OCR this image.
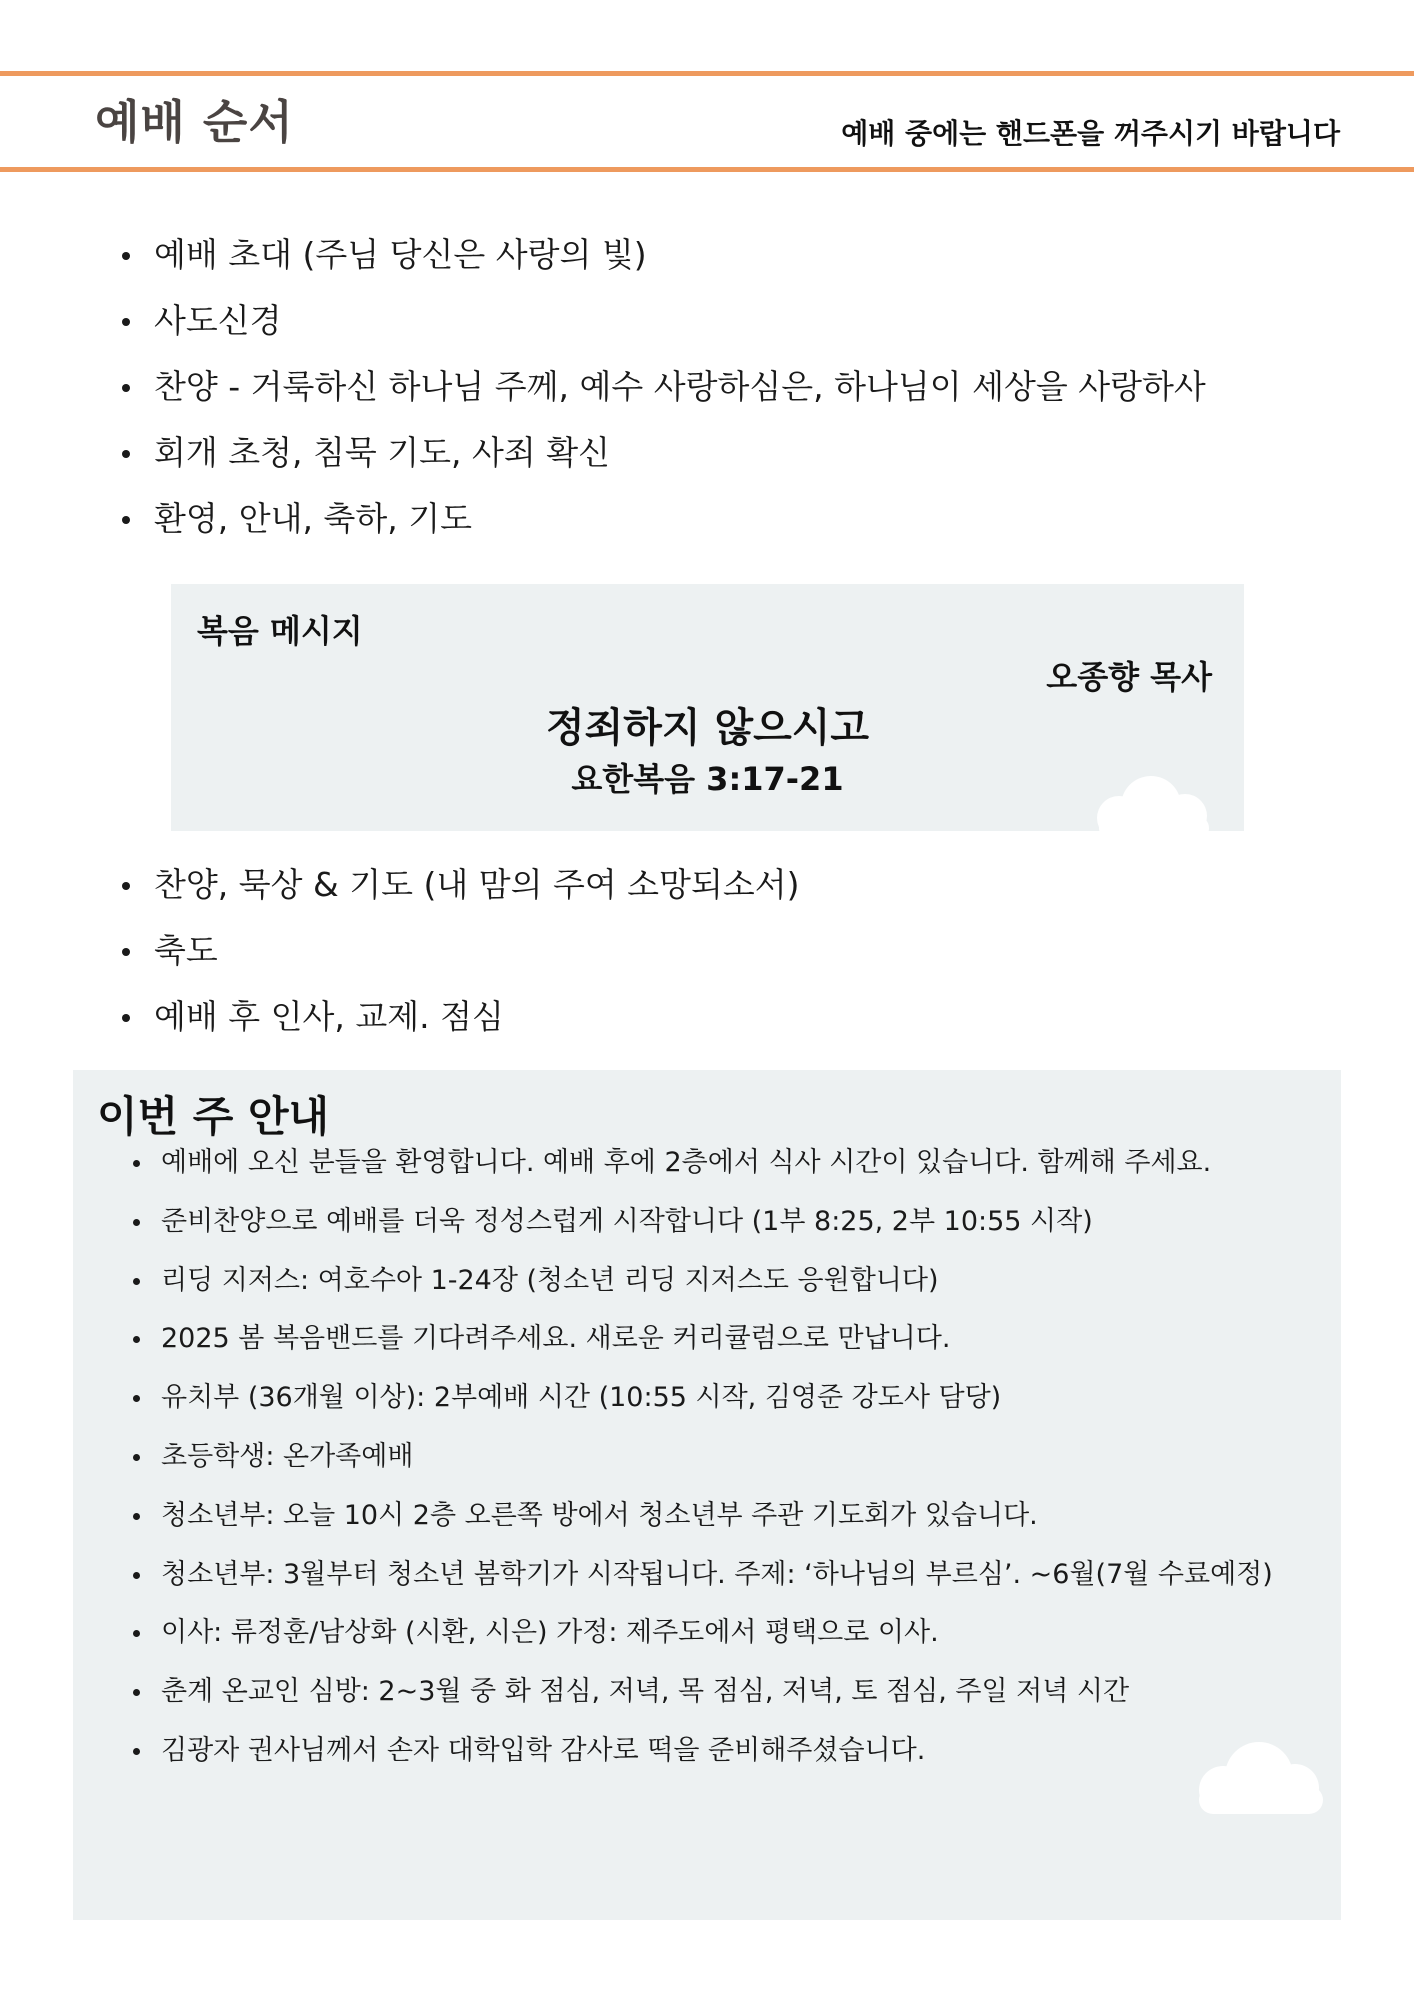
예배 순서	예배 중에는 핸드폰을 꺼주시기 바랍니다
예배 초대 (주님 당신은 사랑의 빛)
사도신경
찬양 - 거룩하신 하나님 주께, 예수 사랑하심은, 하나님이 세상을 사랑하사
회개 초청, 침묵 기도, 사죄 확신
환영, 안내, 축하, 기도
복음 메시지
오종향 목사
정죄하지 않으시고
요한복음 3:17-21
찬양, 묵상 & 기도 (내 맘의 주여 소망되소서)
축도
예배 후 인사, 교제. 점심
이번 주 안내
예배에 오신 분들을 환영합니다. 예배 후에 2층에서 식사 시간이 있습니다. 함께해 주세요.
준비찬양으로 예배를 더욱 정성스럽게 시작합니다 (1부 8:25, 2부 10:55 시작)
리딩 지저스: 여호수아 1-24장 (청소년 리딩 지저스도 응원합니다)
2025 봄 복음밴드를 기다려주세요. 새로운 커리큘럼으로 만납니다.
유치부 (36개월 이상): 2부예배 시간 (10:55 시작, 김영준 강도사 담당)
초등학생: 온가족예배
청소년부: 오늘 10시 2층 오른쪽 방에서 청소년부 주관 기도회가 있습니다.
청소년부: 3월부터 청소년 봄학기가 시작됩니다. 주제: ‘하나님의 부르심’. ~6월(7월 수료예정)
이사: 류정훈/남상화 (시환, 시은) 가정: 제주도에서 평택으로 이사.
춘계 온교인 심방: 2~3월 중 화 점심, 저녁, 목 점심, 저녁, 토 점심, 주일 저녁 시간
김광자 권사님께서 손자 대학입학 감사로 떡을 준비해주셨습니다.
